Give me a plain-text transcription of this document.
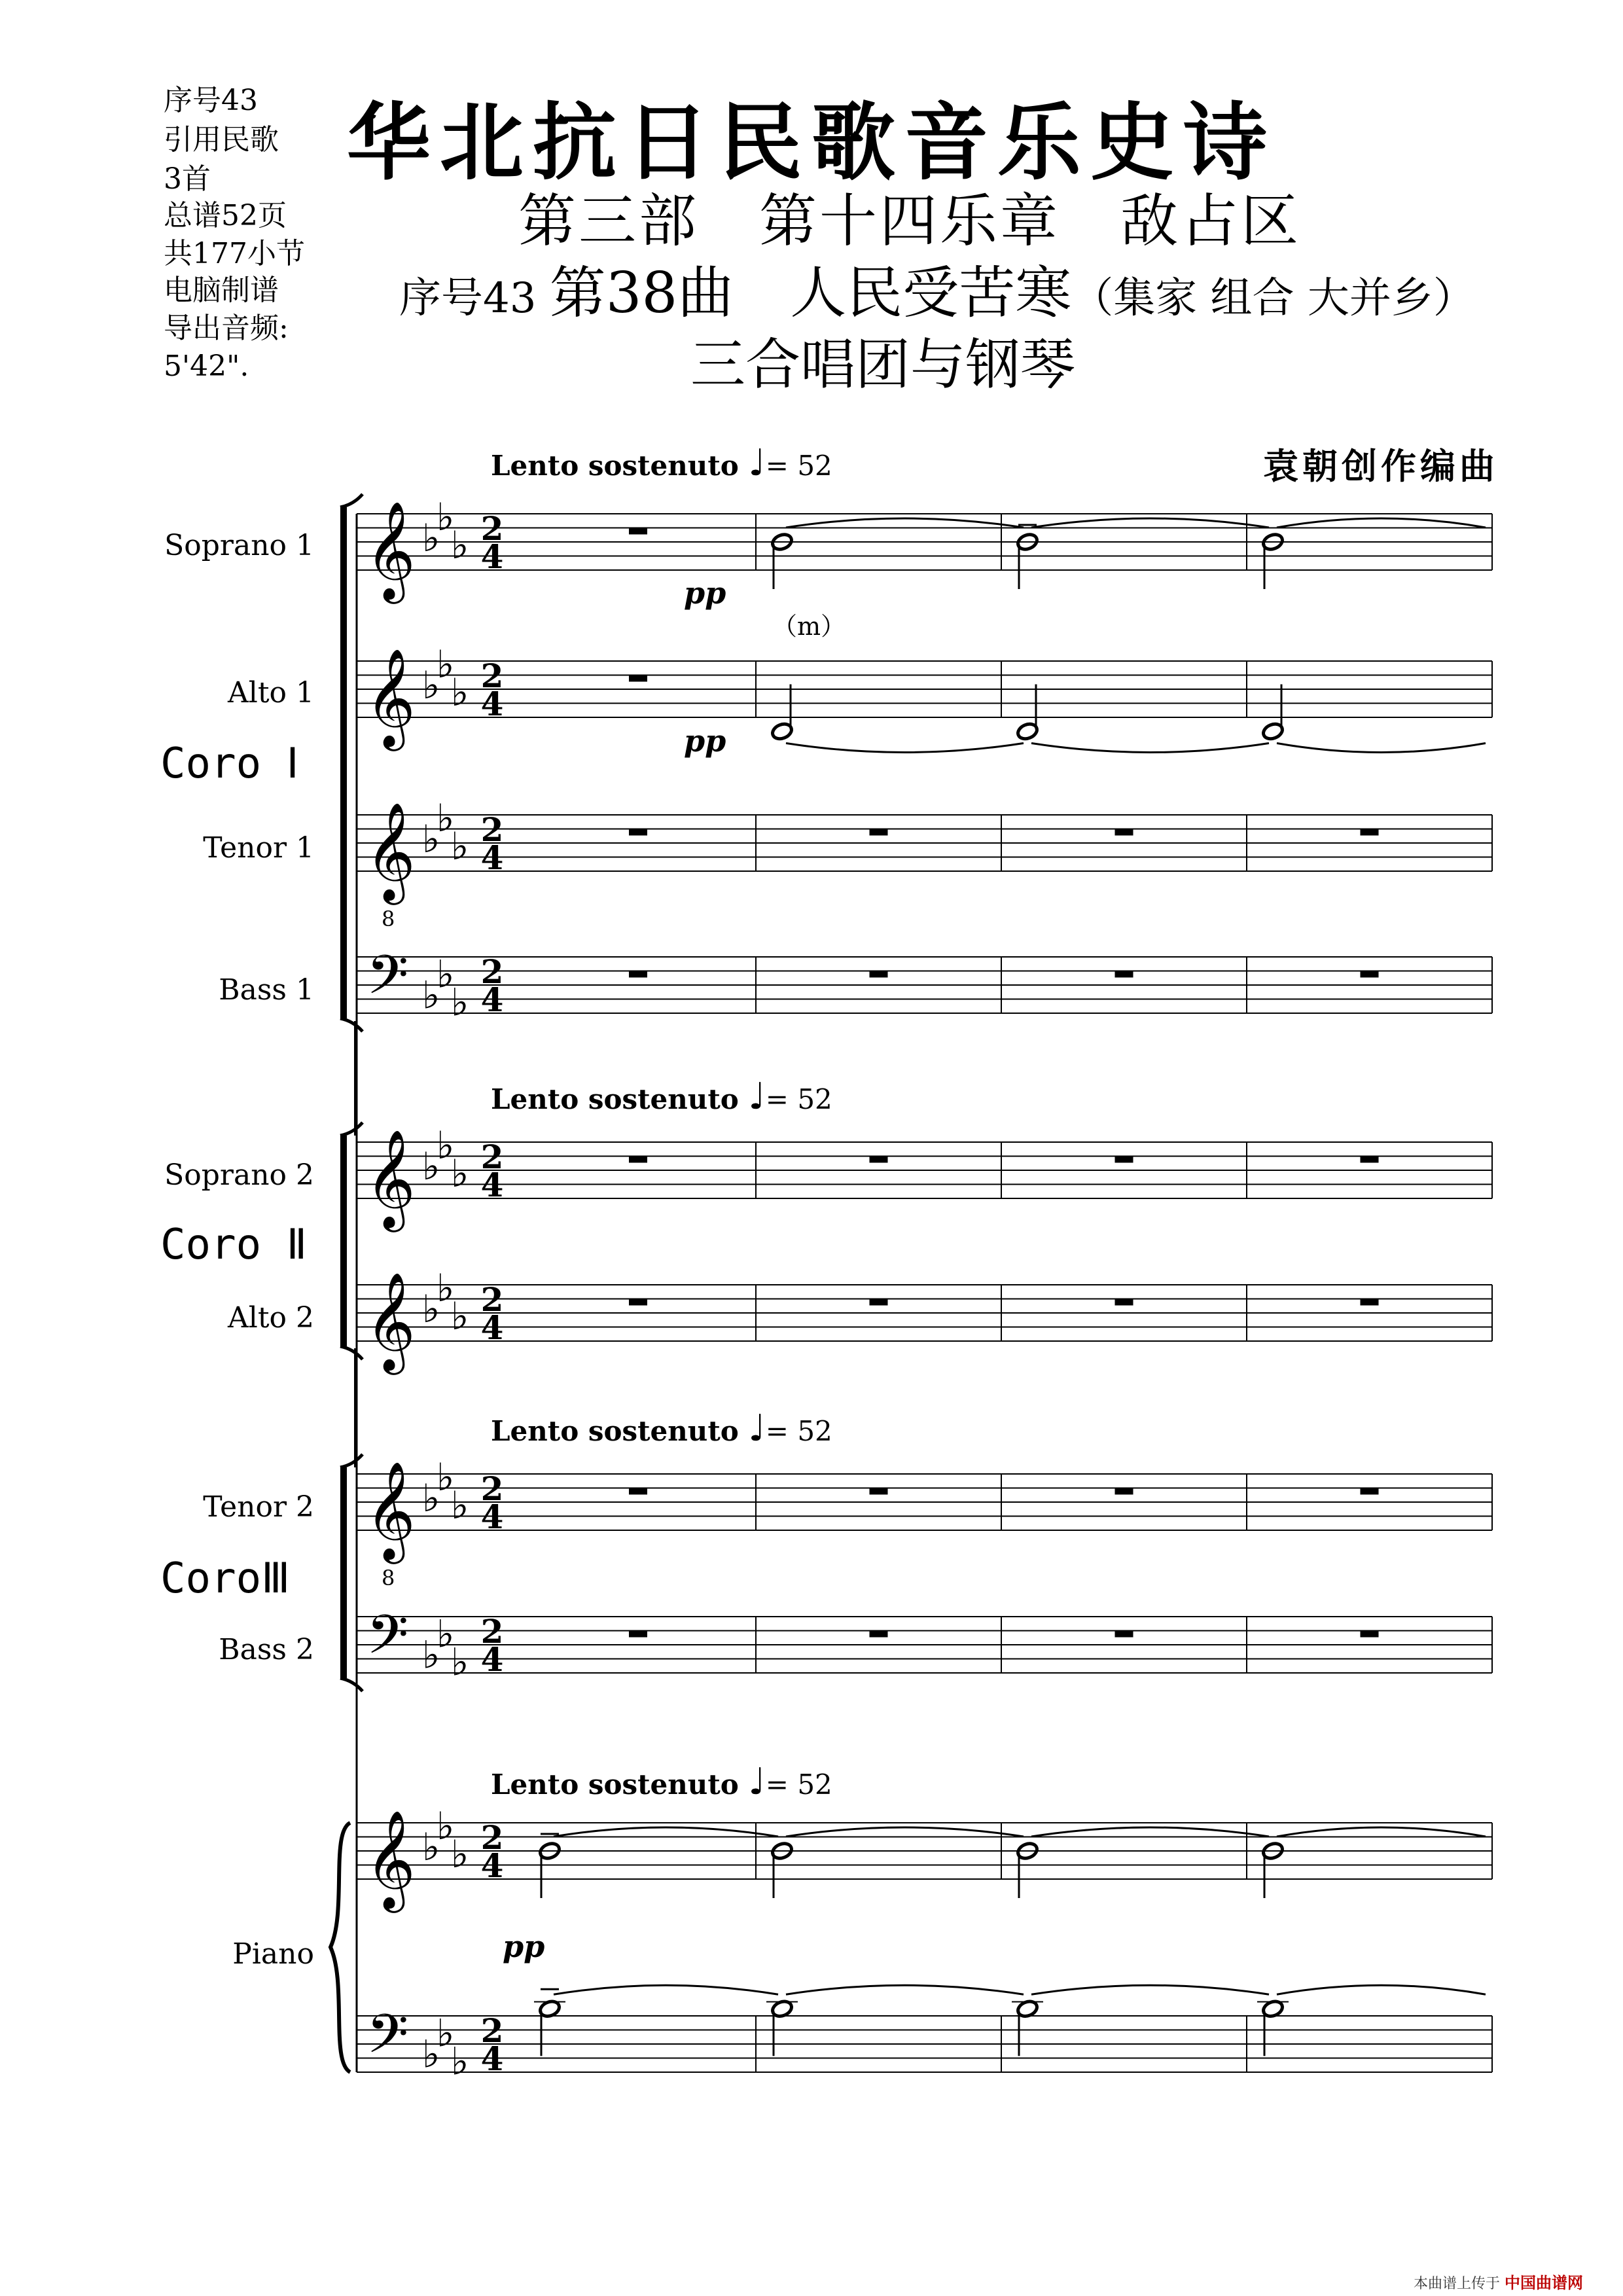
序号43
引用民歌
3首
总谱52页
共177小节
电脑制谱
导出音频:
5'42".
华北抗日民歌音乐史诗
第三部　第十四乐章　敌占区
序号43 第38曲　人民受苦寒（集家 组合 大并乡）
三合唱团与钢琴
袁朝创作编曲
Lento sostenuto ♩= 52
Lento sostenuto ♩= 52
Lento sostenuto ♩= 52
Lento sostenuto ♩= 52
Soprano 1
Alto 1
Tenor 1
Bass 1
Soprano 2
Alto 2
Tenor 2
Bass 2
Piano
Coro Ⅰ
Coro Ⅱ
CoroⅢ
𝄞 ♭
♭
♭ 2
4
𝄞 ♭
♭
♭ 2
4
𝄞
8
♭
♭
♭ 2
4
𝄢 ♭
♭
♭
2
4
𝄞 ♭
♭
♭ 2
4
𝄞 ♭
♭
♭ 2
4
𝄞
8
♭
♭
♭ 2
4
𝄢 ♭
♭
♭
2
4
𝄞 ♭
♭
♭ 2
4
𝄢 ♭
♭
♭
2
4
pp
（m）
pp
pp
本曲谱上传于 中国曲谱网
